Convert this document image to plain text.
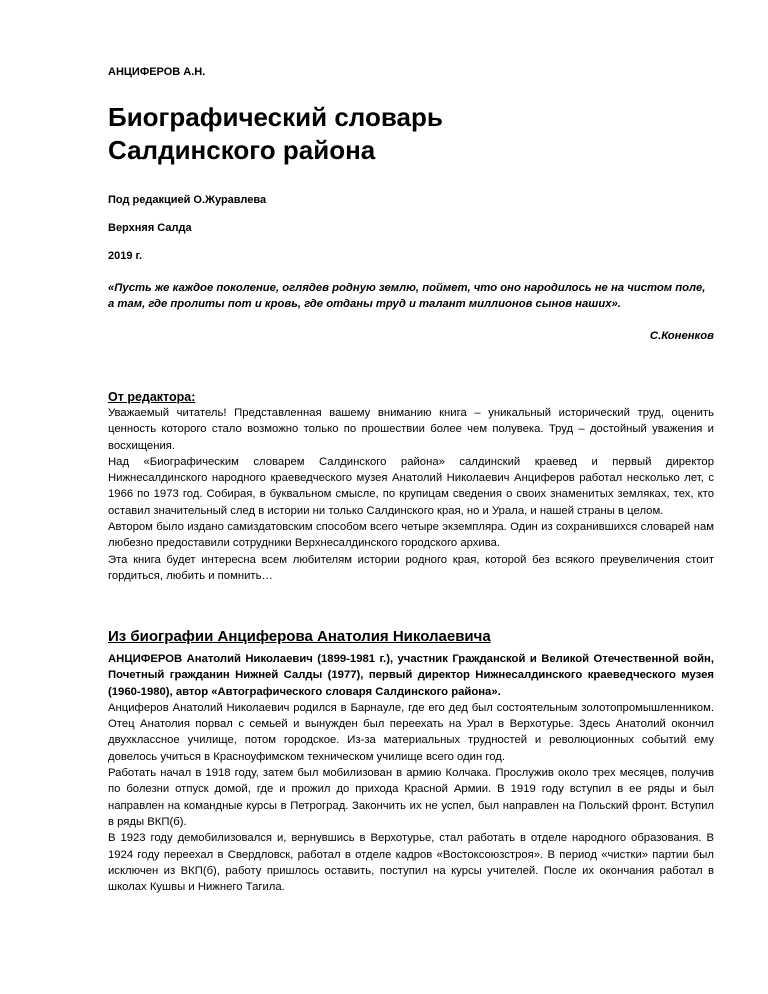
АНЦИФЕРОВ А.Н.

Биографический словарь
Салдинского района

Под редакцией О.Журавлева

Верхняя Салда

2019 г.

«Пусть же каждое поколение, оглядев родную землю, поймет, что оно народилось не на чистом поле, а там, где пролиты пот и кровь, где отданы труд и талант миллионов сынов наших».

С.Коненков

От редактора:

Уважаемый читатель! Представленная вашему вниманию книга – уникальный исторический труд, оценить ценность которого стало возможно только по прошествии более чем полувека. Труд – достойный уважения и восхищения.

Над «Биографическим словарем Салдинского района» салдинский краевед и первый директор Нижнесалдинского народного краеведческого музея Анатолий Николаевич Анциферов работал несколько лет, с 1966 по 1973 год. Собирая, в буквальном смысле, по крупицам сведения о своих знаменитых земляках, тех, кто оставил значительный след в истории ни только Салдинского края, но и Урала, и нашей страны в целом.

Автором было издано самиздатовским способом всего четыре экземпляра. Один из сохранившихся словарей нам любезно предоставили сотрудники Верхнесалдинского городского архива.

Эта книга будет интересна всем любителям истории родного края, которой без всякого преувеличения стоит гордиться, любить и помнить…

Из биографии Анциферова Анатолия Николаевича

АНЦИФЕРОВ Анатолий Николаевич (1899-1981 г.), участник Гражданской и Великой Отечественной войн, Почетный гражданин Нижней Салды (1977), первый директор Нижнесалдинского краеведческого музея (1960-1980), автор «Автографического словаря Салдинского района».

Анциферов Анатолий Николаевич родился в Барнауле, где его дед был состоятельным золотопромышленником. Отец Анатолия порвал с семьей и вынужден был переехать на Урал в Верхотурье. Здесь Анатолий окончил двухклассное училище, потом городское. Из-за материальных трудностей и революционных событий ему довелось учиться в Красноуфимском техническом училище всего один год.

Работать начал в 1918 году, затем был мобилизован в армию Колчака. Прослужив около трех месяцев, получив по болезни отпуск домой, где и прожил до прихода Красной Армии. В 1919 году вступил в ее ряды и был направлен на командные курсы в Петроград. Закончить их не успел, был направлен на Польский фронт. Вступил в ряды ВКП(б).

В 1923 году демобилизовался и, вернувшись в Верхотурье, стал работать в отделе народного образования. В 1924 году переехал в Свердловск, работал в отделе кадров «Востоксоюзстроя». В период «чистки» партии был исключен из ВКП(б), работу пришлось оставить, поступил на курсы учителей. После их окончания работал в школах Кушвы и Нижнего Тагила.
